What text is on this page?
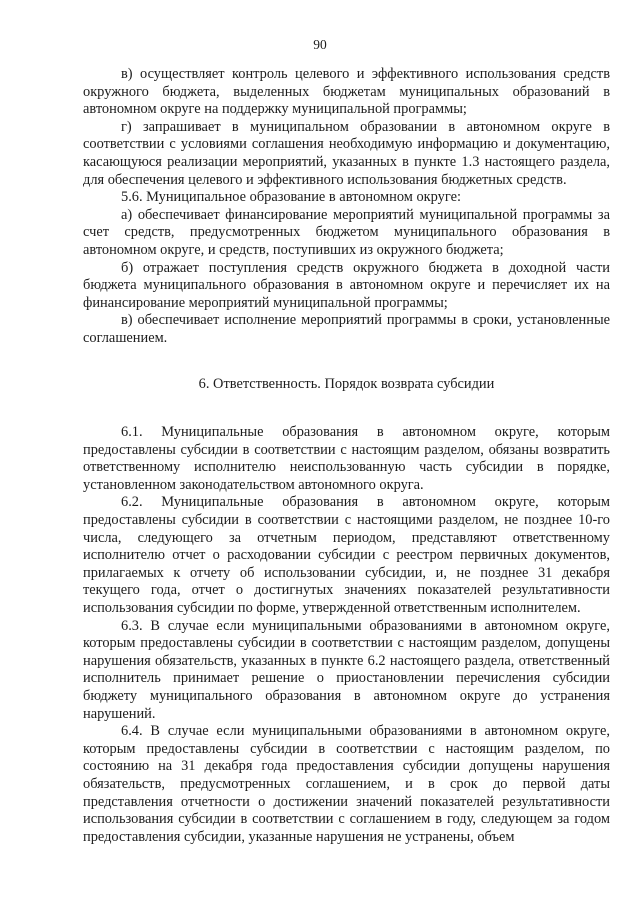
90

в) осуществляет контроль целевого и эффективного использования средств окружного бюджета, выделенных бюджетам муниципальных образований в автономном округе на поддержку муниципальной программы;

г) запрашивает в муниципальном образовании в автономном округе в соответствии с условиями соглашения необходимую информацию и документацию, касающуюся реализации мероприятий, указанных в пункте 1.3 настоящего раздела, для обеспечения целевого и эффективного использования бюджетных средств.

5.6. Муниципальное образование в автономном округе:

а) обеспечивает финансирование мероприятий муниципальной программы за счет средств, предусмотренных бюджетом муниципального образования в автономном округе, и средств, поступивших из окружного бюджета;

б) отражает поступления средств окружного бюджета в доходной части бюджета муниципального образования в автономном округе и перечисляет их на финансирование мероприятий муниципальной программы;

в) обеспечивает исполнение мероприятий программы в сроки, установленные соглашением.

6. Ответственность. Порядок возврата субсидии

6.1. Муниципальные образования в автономном округе, которым предоставлены субсидии в соответствии с настоящим разделом, обязаны возвратить ответственному исполнителю неиспользованную часть субсидии в порядке, установленном законодательством автономного округа.

6.2. Муниципальные образования в автономном округе, которым предоставлены субсидии в соответствии с настоящими разделом, не позднее 10-го числа, следующего за отчетным периодом, представляют ответственному исполнителю отчет о расходовании субсидии с реестром первичных документов, прилагаемых к отчету об использовании субсидии, и, не позднее 31 декабря текущего года, отчет о достигнутых значениях показателей результативности использования субсидии по форме, утвержденной ответственным исполнителем.

6.3. В случае если муниципальными образованиями в автономном округе, которым предоставлены субсидии в соответствии с настоящим разделом, допущены нарушения обязательств, указанных в пункте 6.2 настоящего раздела, ответственный исполнитель принимает решение о приостановлении перечисления субсидии бюджету муниципального образования в автономном округе до устранения нарушений.

6.4. В случае если муниципальными образованиями в автономном округе, которым предоставлены субсидии в соответствии с настоящим разделом, по состоянию на 31 декабря года предоставления субсидии допущены нарушения обязательств, предусмотренных соглашением, и в срок до первой даты представления отчетности о достижении значений показателей результативности использования субсидии в соответствии с соглашением в году, следующем за годом предоставления субсидии, указанные нарушения не устранены, объем
